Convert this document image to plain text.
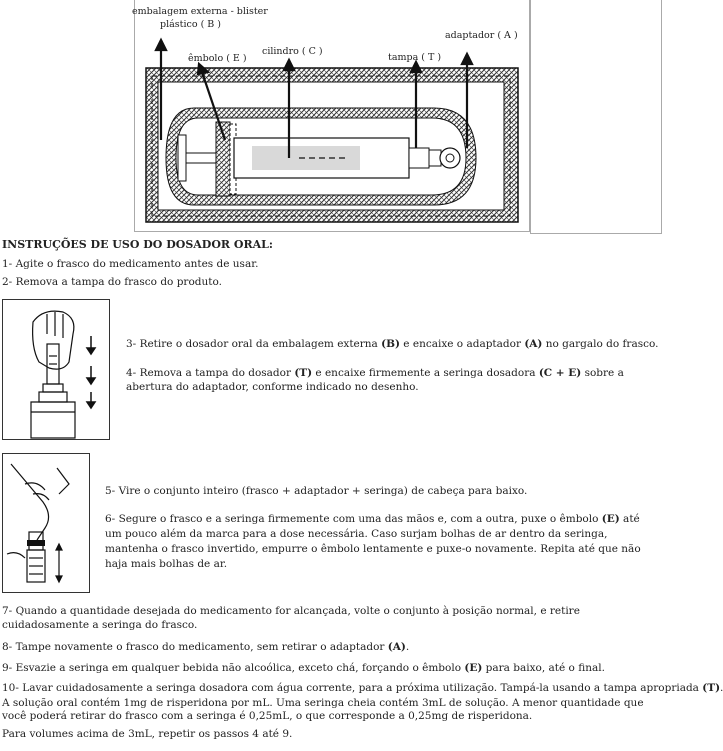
embalagem externa - blister
plástico ( B )
êmbolo ( E )
cilindro ( C )
tampa ( T )
adaptador ( A )
INSTRUÇÕES DE USO DO DOSADOR ORAL:
1- Agite o frasco do medicamento antes de usar.
2- Remova a tampa do frasco do produto.
3- Retire o dosador oral da embalagem externa (B) e encaixe o adaptador (A) no gargalo do frasco.
4- Remova a tampa do dosador (T) e encaixe firmemente a seringa dosadora (C + E) sobre a abertura do adaptador, conforme indicado no desenho.
5- Vire o conjunto inteiro (frasco + adaptador + seringa) de cabeça para baixo.
6- Segure o frasco e a seringa firmemente com uma das mãos e, com a outra, puxe o êmbolo (E) até um pouco além da marca para a dose necessária. Caso surjam bolhas de ar dentro da seringa, mantenha o frasco invertido, empurre o êmbolo lentamente e puxe-o novamente. Repita até que não haja mais bolhas de ar.
7- Quando a quantidade desejada do medicamento for alcançada, volte o conjunto à posição normal, e retire cuidadosamente a seringa do frasco.
8- Tampe novamente o frasco do medicamento, sem retirar o adaptador (A).
9- Esvazie a seringa em qualquer bebida não alcoólica, exceto chá, forçando o êmbolo (E) para baixo, até o final.
10- Lavar cuidadosamente a seringa dosadora com água corrente, para a próxima utilização. Tampá-la usando a tampa apropriada (T)
A solução oral contém 1mg de risperidona por mL. Uma seringa cheia contém 3mL de solução. A menor quantidade que você poderá retirar do frasco com a seringa é 0,25mL, o que corresponde a 0,25mg de risperidona.
Para volumes acima de 3mL, repetir os passos 4 até 9.
